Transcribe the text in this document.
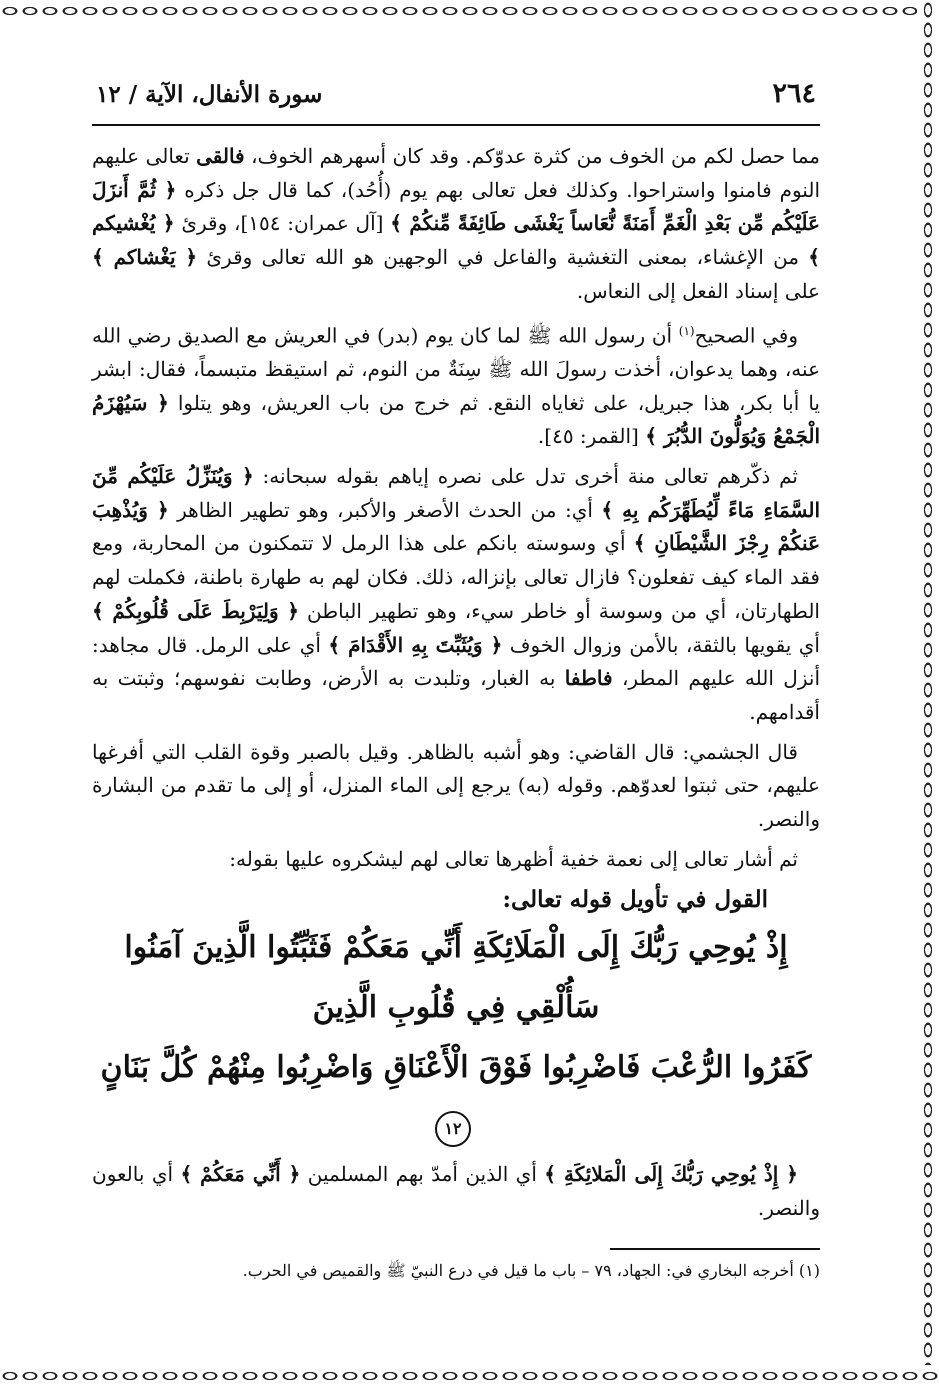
٢٦٤
سورة الأنفال، الآية / ١٢

مما حصل لكم من الخوف من كثرة عدوّكم. وقد كان أسهرهم الخوف، فالقى تعالى عليهم النوم فامنوا واستراحوا. وكذلك فعل تعالى بهم يوم (أُحُد)، كما قال جل ذكره ﴿ ثُمَّ أَنزَلَ عَلَيْكُم مِّن بَعْدِ الْغَمِّ أَمَنَةً نُّعَاساً يَغْشَى طَائِفَةً مِّنكُمْ ﴾ [آل عمران: ١٥٤]، وقرئ ﴿ يُغْشيكم ﴾ من الإغشاء، بمعنى التغشية والفاعل في الوجهين هو الله تعالى وقرئ ﴿ يَغْشاكم ﴾ على إسناد الفعل إلى النعاس.

وفي الصحيح$^{(١)}$ أن رسول الله ﷺ لما كان يوم (بدر) في العريش مع الصديق رضي الله عنه، وهما يدعوان، أخذت رسولَ الله ﷺ سِنَةٌ من النوم، ثم استيقظ متبسماً، فقال: ابشر يا أبا بكر، هذا جبريل، على ثغاياه النقع. ثم خرج من باب العريش، وهو يتلوا ﴿ سَيُهْزَمُ الْجَمْعُ وَيُوَلُّونَ الدُّبُرَ ﴾ [القمر: ٤٥].

ثم ذكّرهم تعالى منة أخرى تدل على نصره إياهم بقوله سبحانه: ﴿ وَيُنَزِّلُ عَلَيْكُم مِّنَ السَّمَاءِ مَاءً لِّيُطَهِّرَكُم بِهِ ﴾ أي: من الحدث الأصغر والأكبر، وهو تطهير الظاهر ﴿ وَيُذْهِبَ عَنكُمْ رِجْزَ الشَّيْطَانِ ﴾ أي وسوسته بانكم على هذا الرمل لا تتمكنون من المحاربة، ومع فقد الماء كيف تفعلون؟ فازال تعالى بإنزاله، ذلك. فكان لهم به طهارة باطنة، فكملت لهم الطهارتان، أي من وسوسة أو خاطر سيء، وهو تطهير الباطن ﴿ وَلِيَرْبِطَ عَلَى قُلُوبِكُمْ ﴾ أي يقويها بالثقة، بالأمن وزوال الخوف ﴿ وَيُثَبِّتَ بِهِ الأَقْدَامَ ﴾ أي على الرمل. قال مجاهد: أنزل الله عليهم المطر، فاطفا به الغبار، وتلبدت به الأرض، وطابت نفوسهم؛ وثبتت به أقدامهم.

قال الجشمي: قال القاضي: وهو أشبه بالظاهر. وقيل بالصبر وقوة القلب التي أفرغها عليهم، حتى ثبتوا لعدوّهم. وقوله (به) يرجع إلى الماء المنزل، أو إلى ما تقدم من البشارة والنصر.

ثم أشار تعالى إلى نعمة خفية أظهرها تعالى لهم ليشكروه عليها بقوله:

القول في تأويل قوله تعالى:
إِذْ يُوحِي رَبُّكَ إِلَى الْمَلَائِكَةِ أَنِّي مَعَكُمْ فَثَبِّتُوا الَّذِينَ آمَنُوا سَأُلْقِي فِي قُلُوبِ الَّذِينَ
كَفَرُوا الرُّعْبَ فَاضْرِبُوا فَوْقَ الْأَعْنَاقِ وَاضْرِبُوا مِنْهُمْ كُلَّ بَنَانٍ١٢

﴿ إِذْ يُوحِي رَبُّكَ إِلَى الْمَلائِكَةِ ﴾ أي الذين أمدّ بهم المسلمين ﴿ أَنِّي مَعَكُمْ ﴾ أي بالعون والنصر.

(١) أخرجه البخاري في: الجهاد، ٧٩ – باب ما قيل في درع النبيّ ﷺ والقميص في الحرب.
